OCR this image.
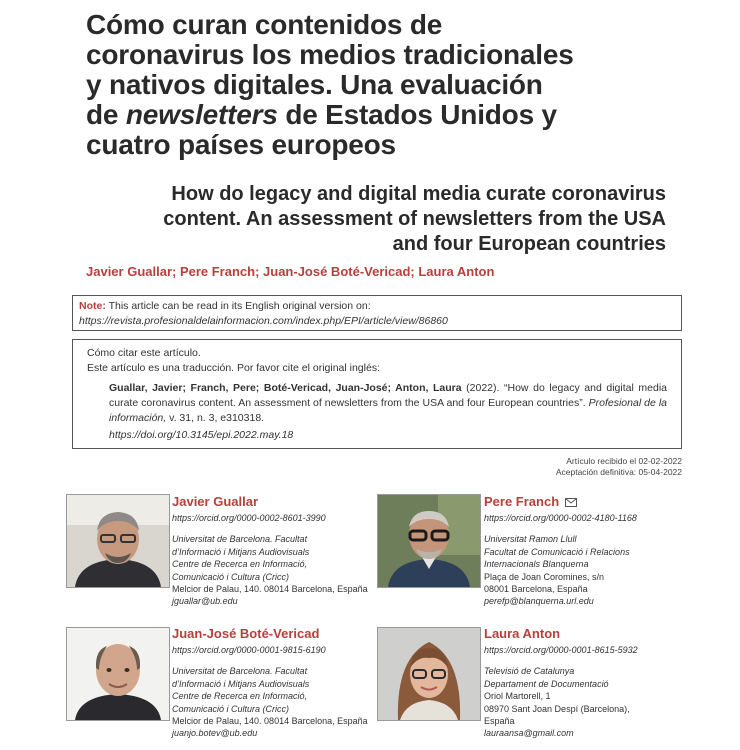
Cómo curan contenidos de
coronavirus los medios tradicionales
y nativos digitales. Una evaluación
de newsletters de Estados Unidos y
cuatro países europeos
How do legacy and digital media curate coronavirus
content. An assessment of newsletters from the USA
and four European countries
Javier Guallar; Pere Franch; Juan-José Boté-Vericad; Laura Anton
Note: This article can be read in its English original version on:
https://revista.profesionaldelainformacion.com/index.php/EPI/article/view/86860

Cómo citar este artículo.

Este artículo es una traducción. Por favor cite el original inglés:

Guallar, Javier; Franch, Pere; Boté-Vericad, Juan-José; Anton, Laura (2022). “How do legacy and digital media curate coronavirus content. An assessment of newsletters from the USA and four European countries”. Profesional de la información, v. 31, n. 3, e310318.

https://doi.org/10.3145/epi.2022.may.18
Artículo recibido el 02-02-2022
Aceptación definitiva: 05-04-2022
Javier Guallar
https://orcid.org/0000-0002-8601-3990
Universitat de Barcelona. Facultat
d’Informació i Mitjans Audiovisuals
Centre de Recerca en Informació,
Comunicació i Cultura (Cricc)
Melcior de Palau, 140. 08014 Barcelona, España
jguallar@ub.edu
Pere Franch
https://orcid.org/0000-0002-4180-1168
Universitat Ramon Llull
Facultat de Comunicació i Relacions
Internacionals Blanquerna
Plaça de Joan Coromines, s/n
08001 Barcelona, España
perefp@blanquerna.url.edu
Juan-José Boté-Vericad
https://orcid.org/0000-0001-9815-6190
Universitat de Barcelona. Facultat
d’Informació i Mitjans Audiovisuals
Centre de Recerca en Informació,
Comunicació i Cultura (Cricc)
Melcior de Palau, 140. 08014 Barcelona, España
juanjo.botev@ub.edu
Laura Anton
https://orcid.org/0000-0001-8615-5932
Televisió de Catalunya
Departament de Documentació
Oriol Martorell, 1
08970 Sant Joan Despí (Barcelona),
España
lauraansa@gmail.com
